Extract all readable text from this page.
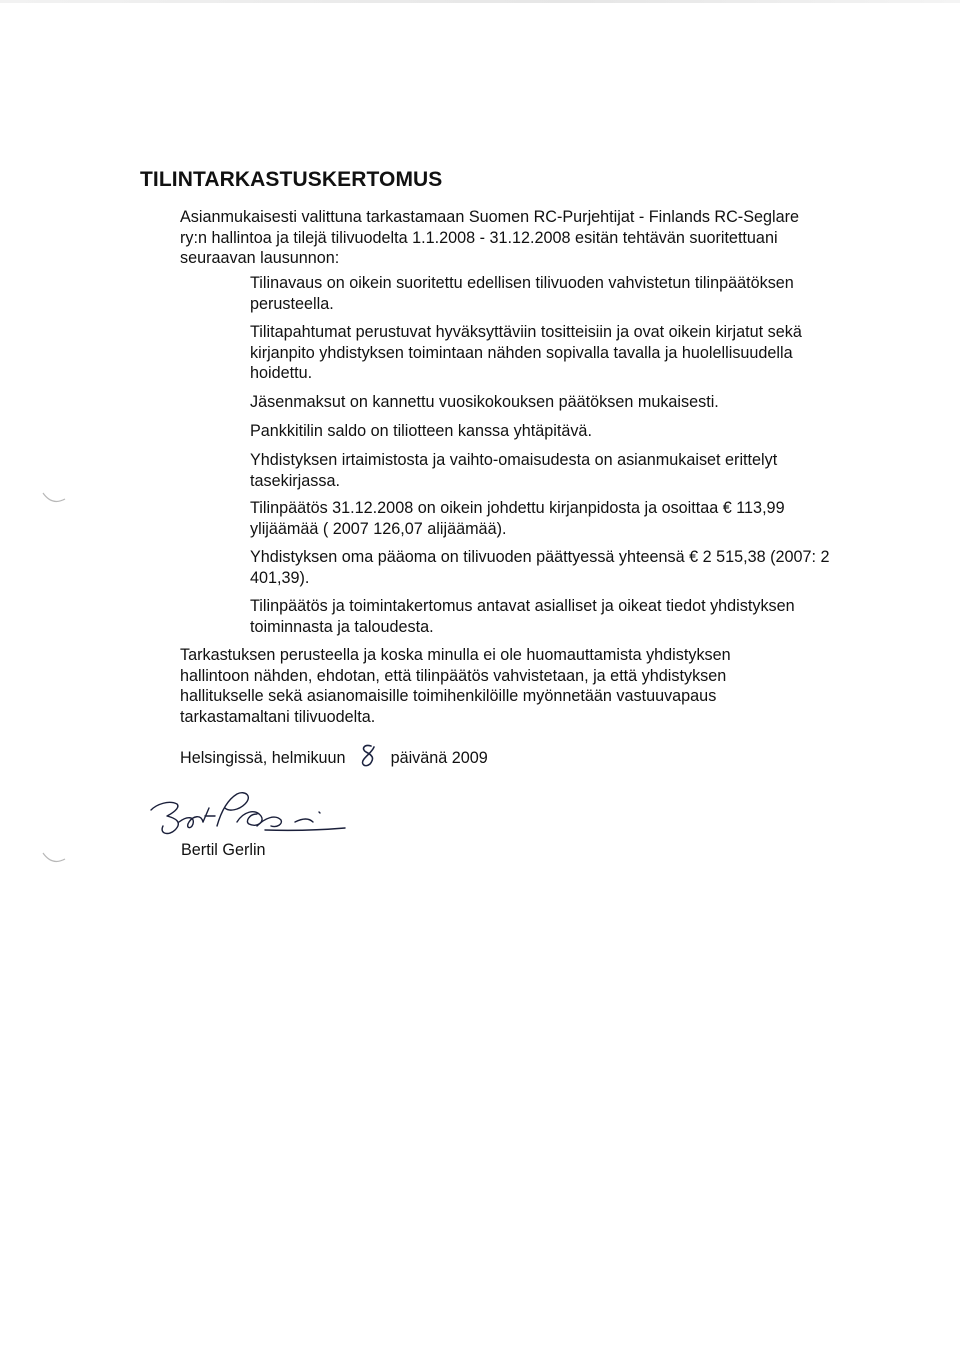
TILINTARKASTUSKERTOMUS

Asianmukaisesti valittuna tarkastamaan Suomen RC-Purjehtijat - Finlands RC-Seglare ry:n hallintoa ja tilejä tilivuodelta 1.1.2008 - 31.12.2008 esitän tehtävän suoritettuani seuraavan lausunnon:

Tilinavaus on oikein suoritettu edellisen tilivuoden vahvistetun tilinpäätöksen perusteella.

Tilitapahtumat perustuvat hyväksyttäviin tositteisiin ja ovat oikein kirjatut sekä kirjanpito yhdistyksen toimintaan nähden sopivalla tavalla ja huolellisuudella hoidettu.

Jäsenmaksut on kannettu vuosikokouksen päätöksen mukaisesti.

Pankkitilin saldo on tiliotteen kanssa yhtäpitävä.

Yhdistyksen irtaimistosta ja vaihto-omaisudesta on asianmukaiset erittelyt tasekirjassa.

Tilinpäätös 31.12.2008 on oikein johdettu kirjanpidosta ja osoittaa € 113,99 ylijäämää ( 2007 126,07 alijäämää).

Yhdistyksen oma pääoma on tilivuoden päättyessä yhteensä € 2 515,38 (2007: 2 401,39).

Tilinpäätös ja toimintakertomus antavat asialliset ja oikeat tiedot yhdistyksen toiminnasta ja taloudesta.

Tarkastuksen perusteella ja koska minulla ei ole huomauttamista yhdistyksen hallintoon nähden, ehdotan, että tilinpäätös vahvistetaan, ja että yhdistyksen hallitukselle sekä asianomaisille toimihenkilöille myönnetään vastuuvapaus tarkastamaltani tilivuodelta.

Helsingissä, helmikuun	päivänä 2009
Bertil Gerlin
